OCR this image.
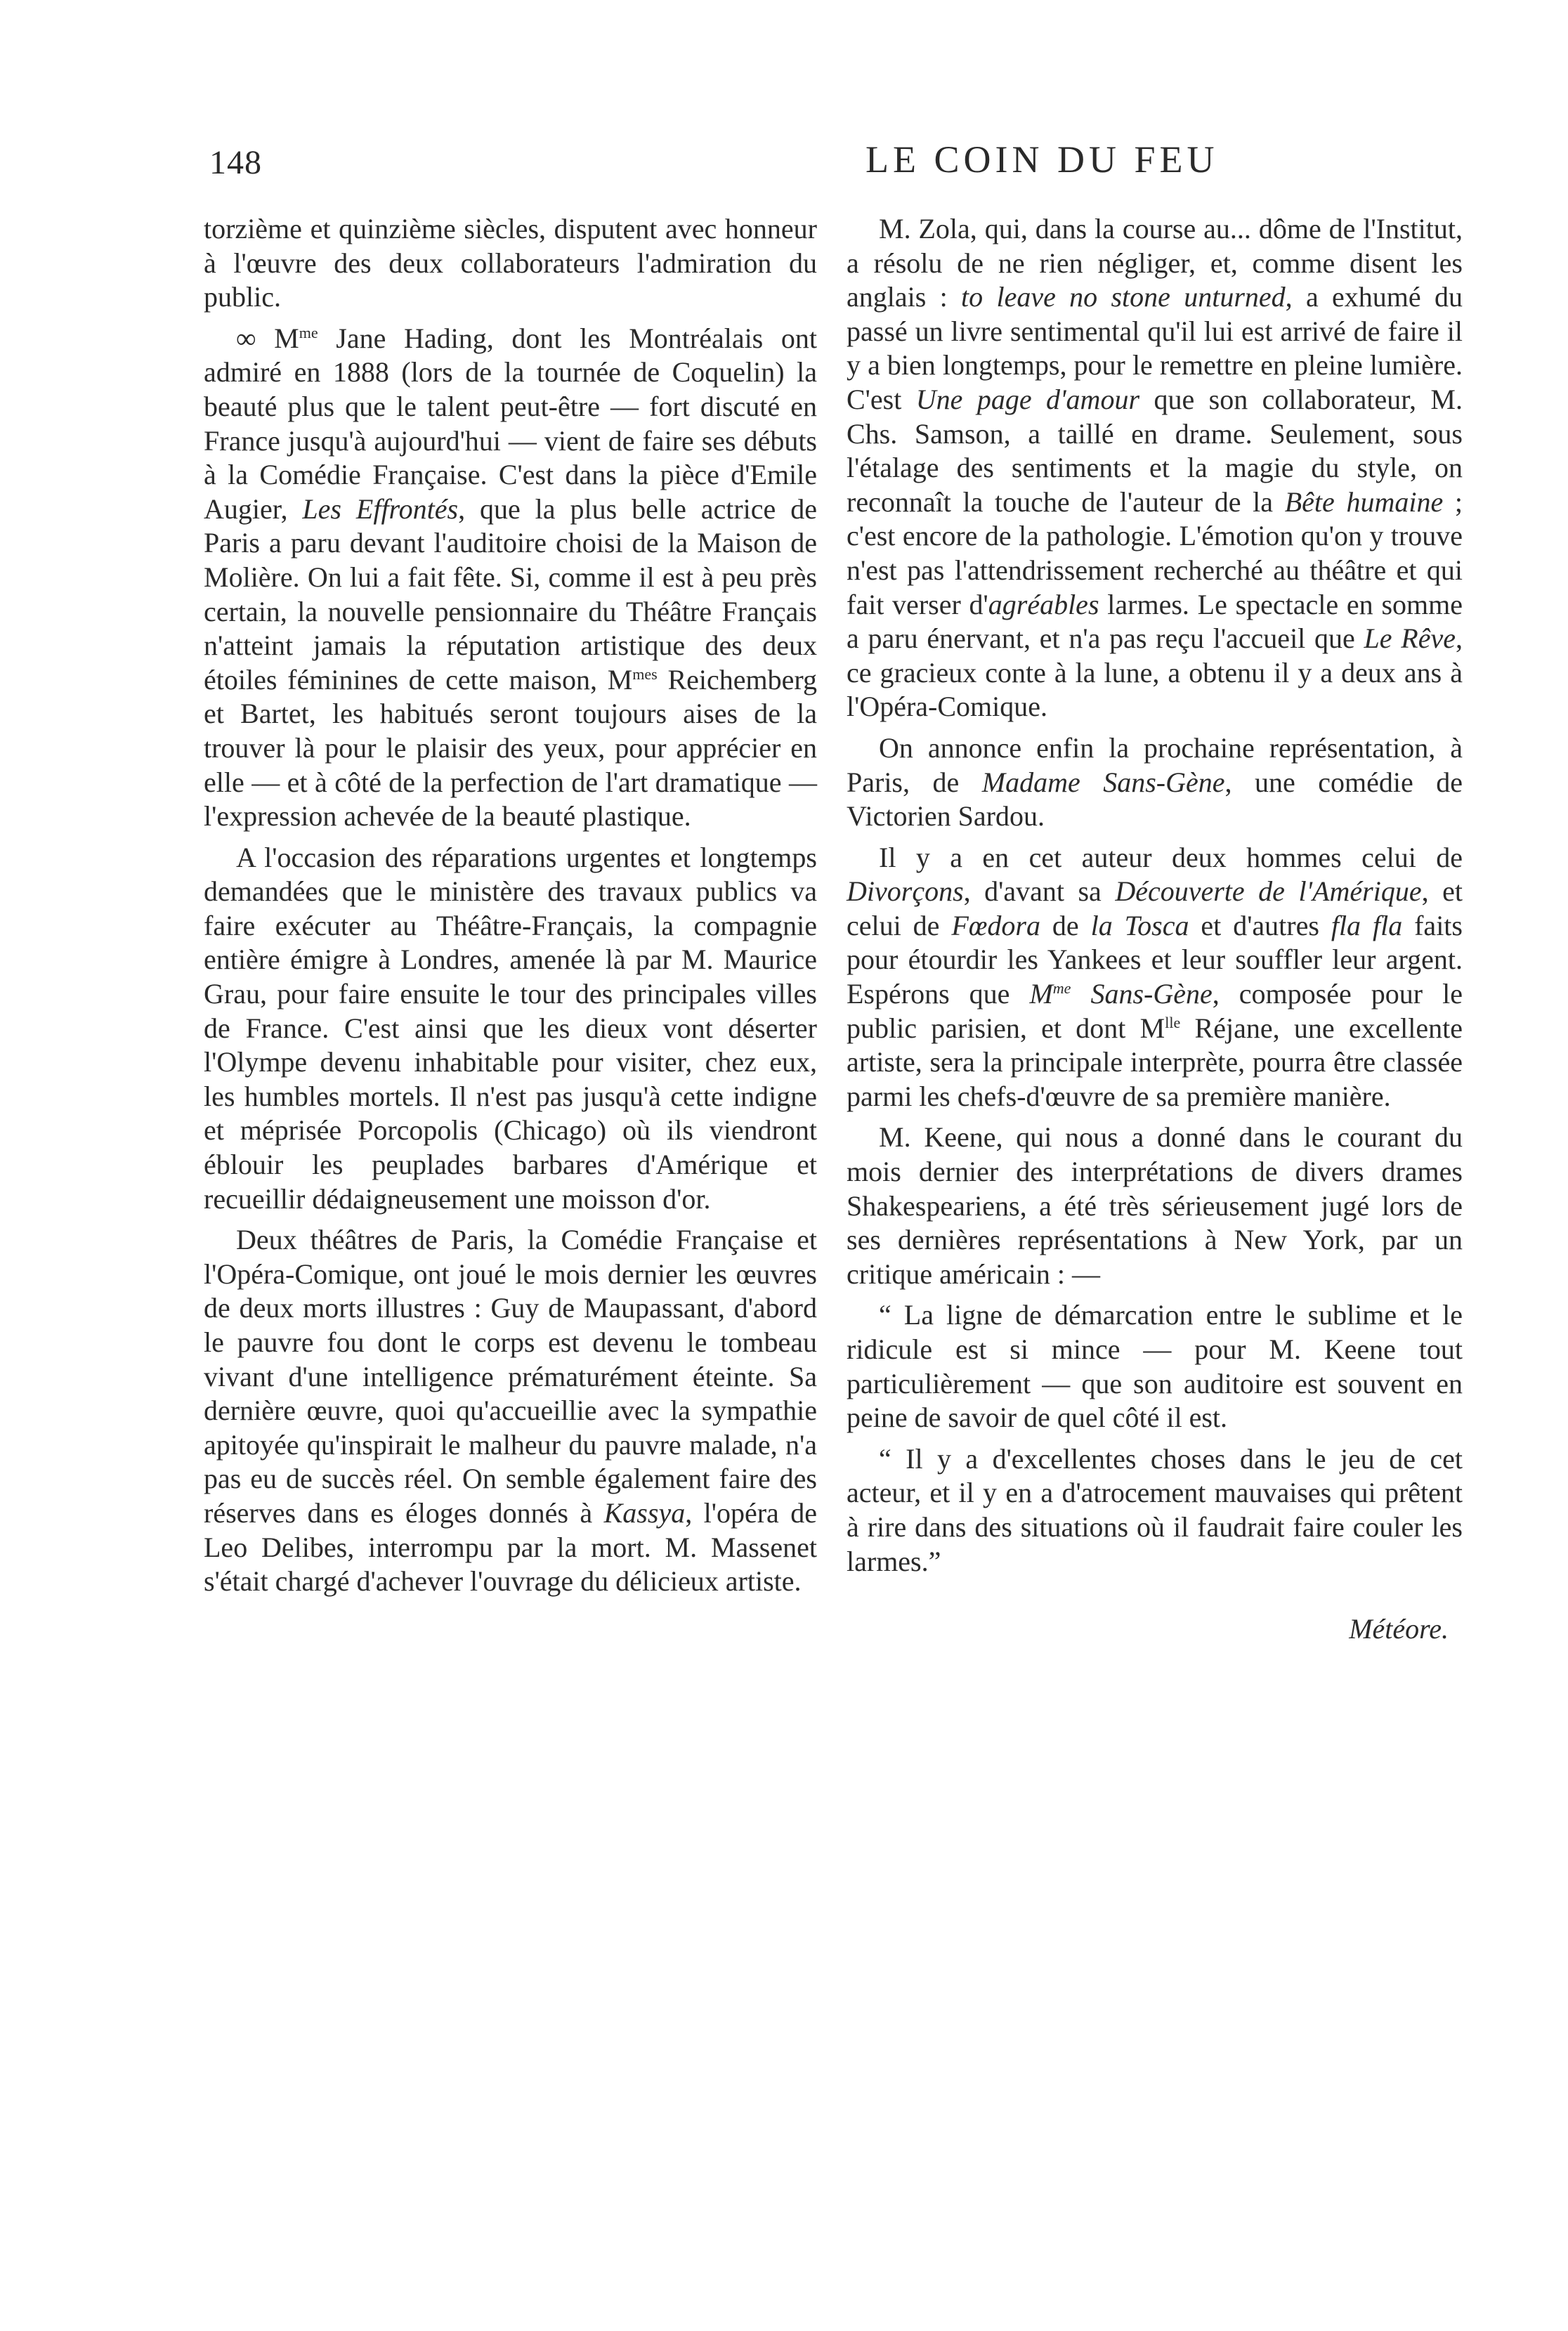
148	LE COIN DU FEU

torzième et quinzième siècles, disputent avec honneur à l'œuvre des deux collaborateurs l'admiration du public.

∞ $M^{me}$ Jane Hading, dont les Montréalais ont admiré en 1888 (lors de la tournée de Coquelin) la beauté plus que le talent peut-être — fort discuté en France jusqu'à aujourd'hui — vient de faire ses débuts à la Comédie Française. C'est dans la pièce d'Emile Augier, Les Effrontés, que la plus belle actrice de Paris a paru devant l'auditoire choisi de la Maison de Molière. On lui a fait fête. Si, comme il est à peu près certain, la nouvelle pensionnaire du Théâtre Français n'atteint jamais la réputation artistique des deux étoiles féminines de cette maison, $M^{mes}$ Reichemberg et Bartet, les habitués seront toujours aises de la trouver là pour le plaisir des yeux, pour apprécier en elle — et à côté de la perfection de l'art dramatique — l'expression achevée de la beauté plastique.

A l'occasion des réparations urgentes et longtemps demandées que le ministère des travaux publics va faire exécuter au Théâtre-Français, la compagnie entière émigre à Londres, amenée là par M. Maurice Grau, pour faire ensuite le tour des principales villes de France. C'est ainsi que les dieux vont déserter l'Olympe devenu inhabitable pour visiter, chez eux, les humbles mortels. Il n'est pas jusqu'à cette indigne et méprisée Porcopolis (Chicago) où ils viendront éblouir les peuplades barbares d'Amérique et recueillir dédaigneusement une moisson d'or.

Deux théâtres de Paris, la Comédie Française et l'Opéra-Comique, ont joué le mois dernier les œuvres de deux morts illustres : Guy de Maupassant, d'abord le pauvre fou dont le corps est devenu le tombeau vivant d'une intelligence prématurément éteinte. Sa dernière œuvre, quoi qu'accueillie avec la sympathie apitoyée qu'inspirait le malheur du pauvre malade, n'a pas eu de succès réel. On semble également faire des réserves dans es éloges donnés à Kassya, l'opéra de Leo Delibes, interrompu par la mort. M. Massenet s'était chargé d'achever l'ouvrage du délicieux artiste.

M. Zola, qui, dans la course au... dôme de l'Institut, a résolu de ne rien négliger, et, comme disent les anglais : to leave no stone unturned, a exhumé du passé un livre sentimental qu'il lui est arrivé de faire il y a bien longtemps, pour le remettre en pleine lumière. C'est Une page d'amour que son collaborateur, M. Chs. Samson, a taillé en drame. Seulement, sous l'étalage des sentiments et la magie du style, on reconnaît la touche de l'auteur de la Bête humaine ; c'est encore de la pathologie. L'émotion qu'on y trouve n'est pas l'attendrissement recherché au théâtre et qui fait verser d'agréables larmes. Le spectacle en somme a paru énervant, et n'a pas reçu l'accueil que Le Rêve, ce gracieux conte à la lune, a obtenu il y a deux ans à l'Opéra-Comique.

On annonce enfin la prochaine représentation, à Paris, de Madame Sans-Gène, une comédie de Victorien Sardou.

Il y a en cet auteur deux hommes celui de Divorçons, d'avant sa Découverte de l'Amérique, et celui de Fœdora de la Tosca et d'autres fla fla faits pour étourdir les Yankees et leur souffler leur argent. Espérons que $M^{me}$ Sans-Gène, composée pour le public parisien, et dont $M^{lle}$ Réjane, une excellente artiste, sera la principale interprète, pourra être classée parmi les chefs-d'œuvre de sa première manière.

M. Keene, qui nous a donné dans le courant du mois dernier des interprétations de divers drames Shakespeariens, a été très sérieusement jugé lors de ses dernières représentations à New York, par un critique américain : —

“ La ligne de démarcation entre le sublime et le ridicule est si mince — pour M. Keene tout particulièrement — que son auditoire est souvent en peine de savoir de quel côté il est.

“ Il y a d'excellentes choses dans le jeu de cet acteur, et il y en a d'atrocement mauvaises qui prêtent à rire dans des situations où il faudrait faire couler les larmes.”

Météore.
